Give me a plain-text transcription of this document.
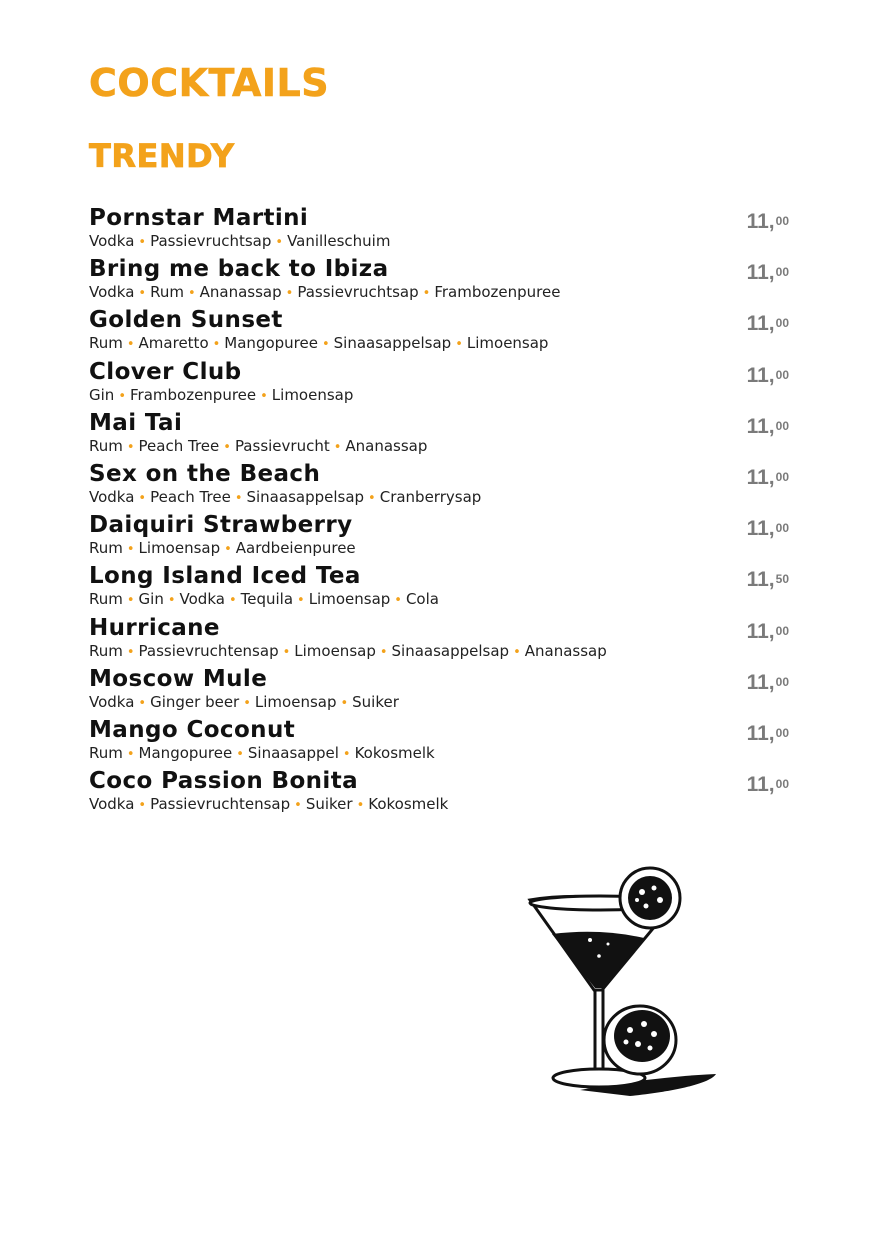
COCKTAILS
TRENDY
Pornstar Martini
Vodka • Passievruchtsap • Vanilleschuim
11,00
Bring me back to Ibiza
Vodka • Rum • Ananassap • Passievruchtsap • Frambozenpuree
11,00
Golden Sunset
Rum • Amaretto • Mangopuree • Sinaasappelsap • Limoensap
11,00
Clover Club
Gin • Frambozenpuree • Limoensap
11,00
Mai Tai
Rum • Peach Tree • Passievrucht • Ananassap
11,00
Sex on the Beach
Vodka • Peach Tree • Sinaasappelsap • Cranberrysap
11,00
Daiquiri Strawberry
Rum • Limoensap • Aardbeienpuree
11,00
Long Island Iced Tea
Rum • Gin • Vodka • Tequila • Limoensap • Cola
11,50
Hurricane
Rum • Passievruchtensap • Limoensap • Sinaasappelsap • Ananassap
11,00
Moscow Mule
Vodka • Ginger beer • Limoensap • Suiker
11,00
Mango Coconut
Rum • Mangopuree • Sinaasappel • Kokosmelk
11,00
Coco Passion Bonita
Vodka • Passievruchtensap • Suiker • Kokosmelk
11,00
